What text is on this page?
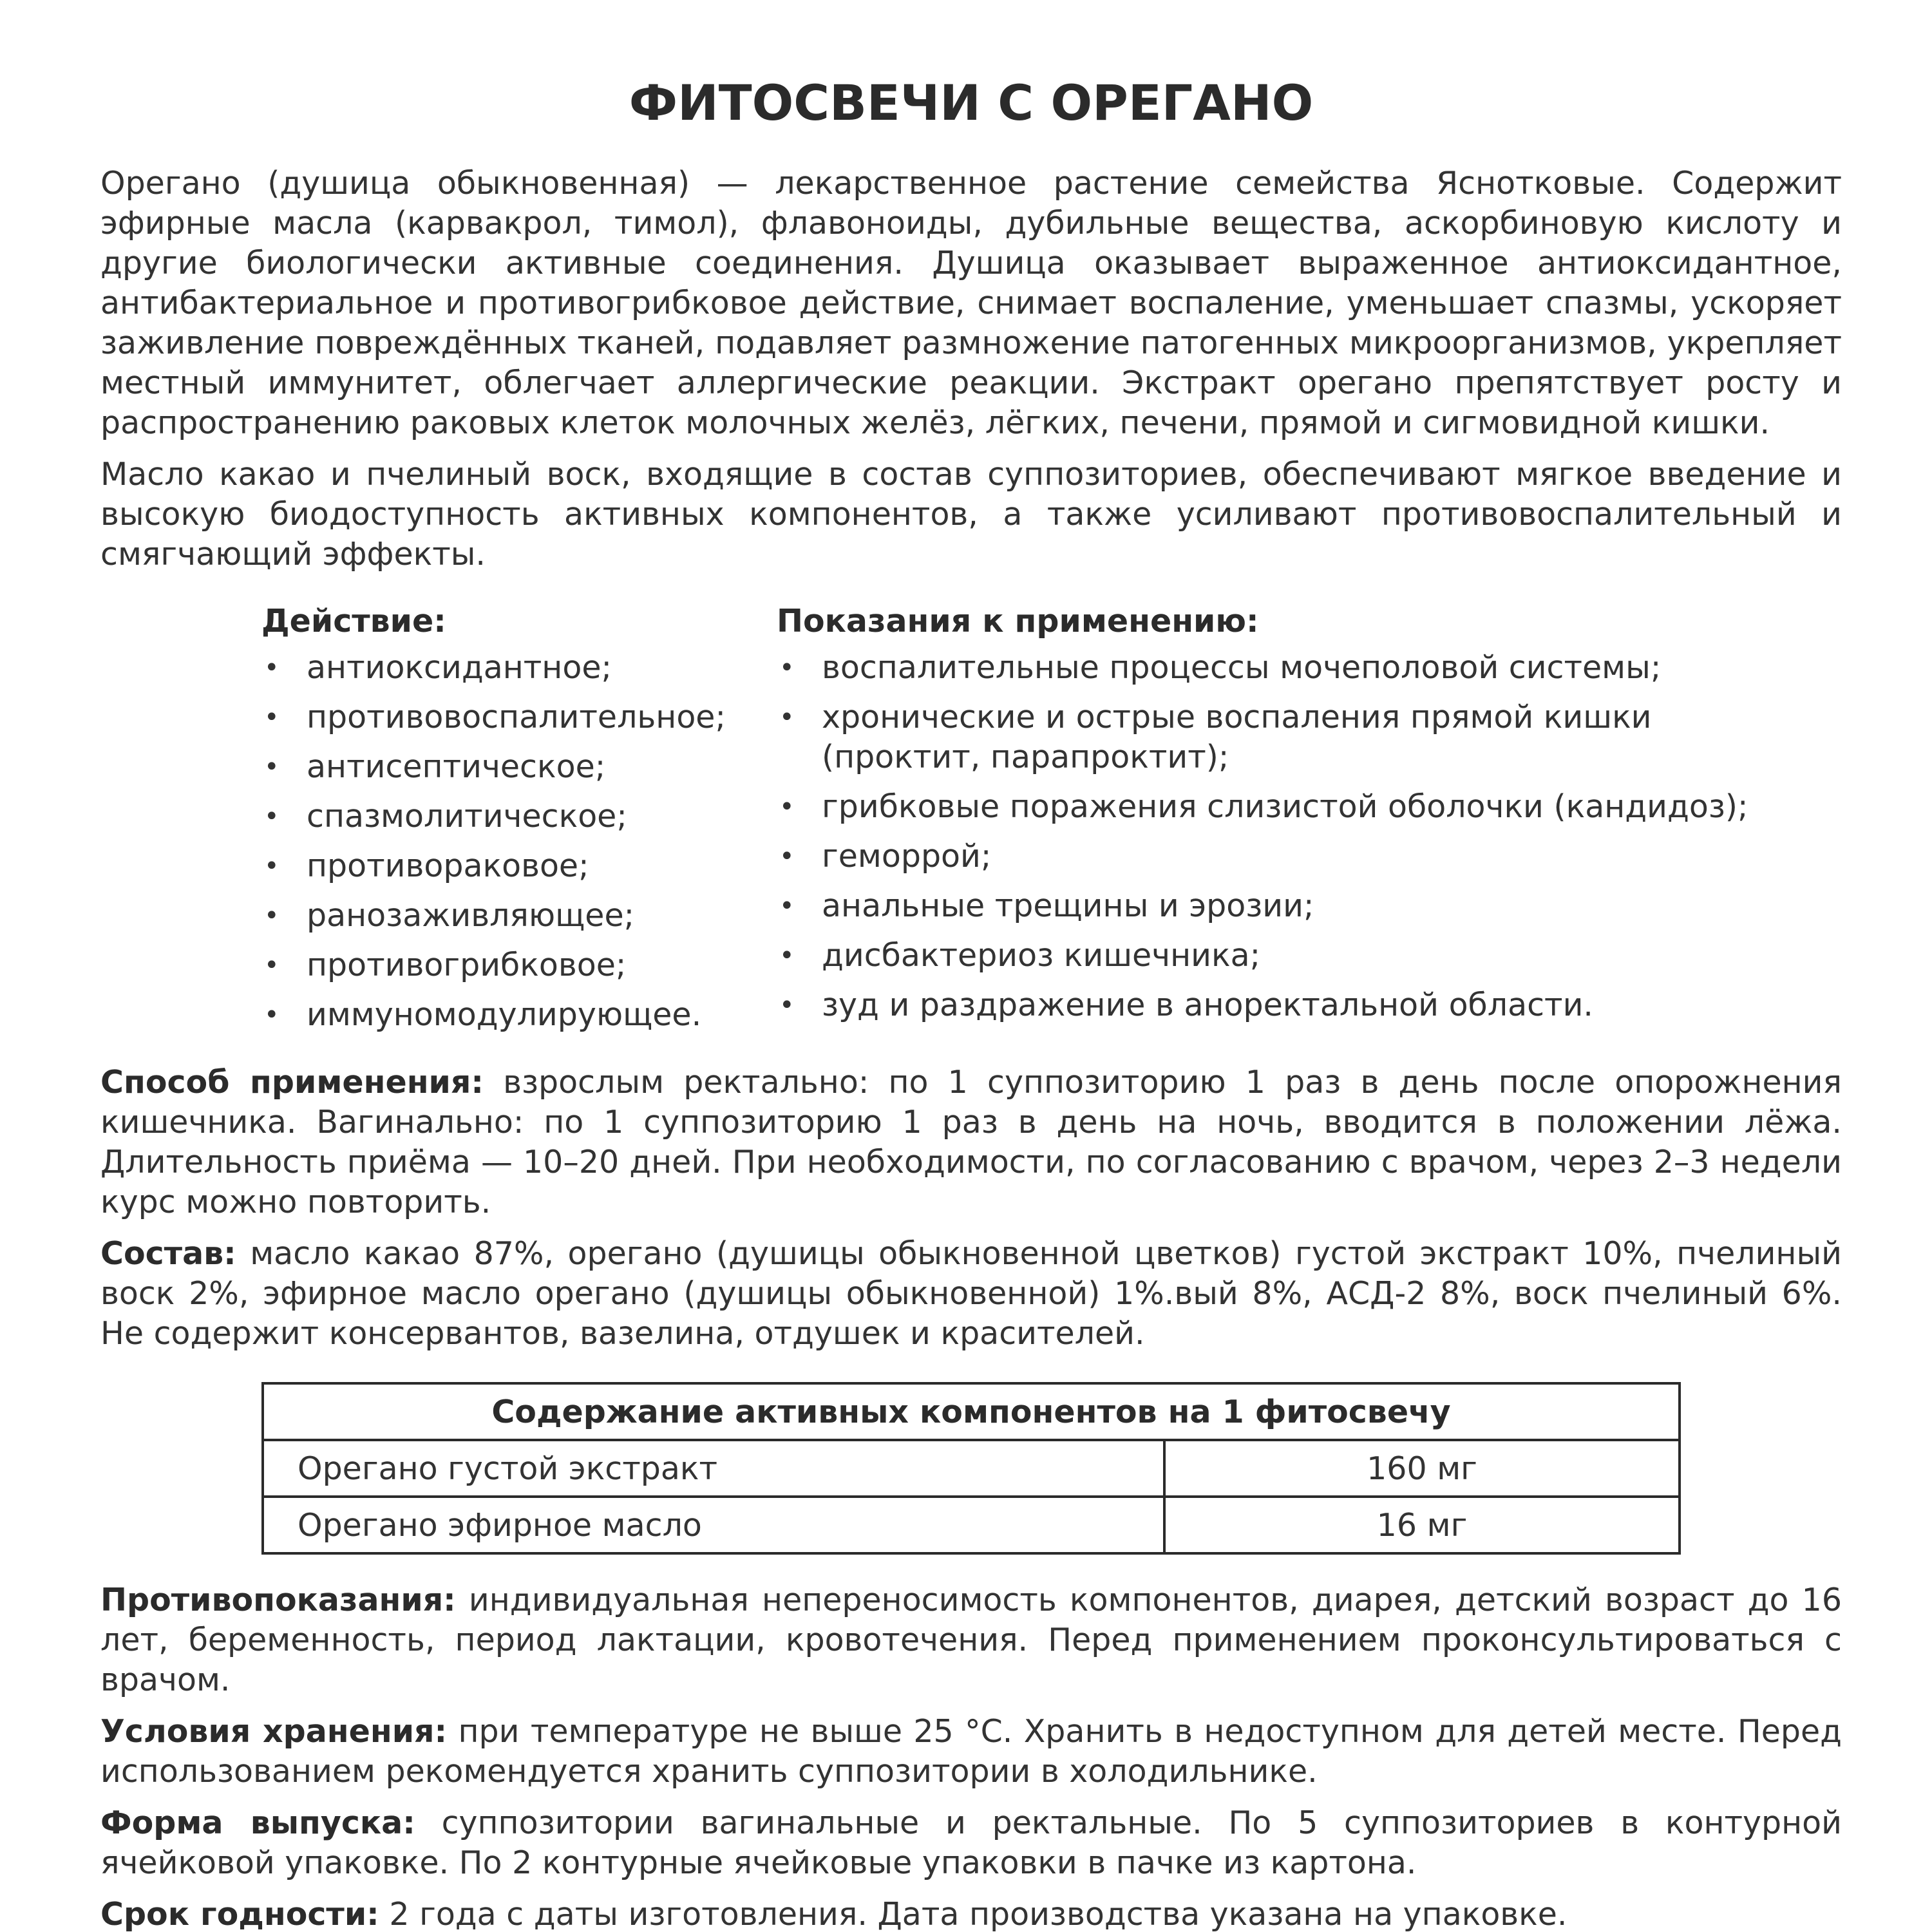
ФИТОСВЕЧИ С ОРЕГАНО

Орегано (душица обыкновенная) — лекарственное растение семейства Яснотковые. Содержит эфирные масла (карвакрол, тимол), флавоноиды, дубильные вещества, аскорбиновую кислоту и другие биологически активные соединения. Душица оказывает выраженное антиоксидантное, антибактериальное и противогрибковое действие, снимает воспаление, уменьшает спазмы, ускоряет заживление повреждённых тканей, подавляет размножение патогенных микроорганизмов, укрепляет местный иммунитет, облегчает аллергические реакции. Экстракт орегано препятствует росту и распространению раковых клеток молочных желёз, лёгких, печени, прямой и сигмовидной кишки.

Масло какао и пчелиный воск, входящие в состав суппозиториев, обеспечивают мягкое введение и высокую биодоступность активных компонентов, а также усиливают противовоспалительный и смягчающий эффекты.

Действие:
• антиоксидантное;
• противовоспалительное;
• антисептическое;
• спазмолитическое;
• противораковое;
• ранозаживляющее;
• противогрибковое;
• иммуномодулирующее.
Показания к применению:
• воспалительные процессы мочеполовой системы;
• хронические и острые воспаления прямой кишки (проктит, парапроктит);
• грибковые поражения слизистой оболочки (кандидоз);
• геморрой;
• анальные трещины и эрозии;
• дисбактериоз кишечника;
• зуд и раздражение в аноректальной области.

Способ применения: взрослым ректально: по 1 суппозиторию 1 раз в день после опорожнения кишечника. Вагинально: по 1 суппозиторию 1 раз в день на ночь, вводится в положении лёжа. Длительность приёма — 10–20 дней. При необходимости, по согласованию с врачом, через 2–3 недели курс можно повторить.

Состав: масло какао 87%, орегано (душицы обыкновенной цветков) густой экстракт 10%, пчелиный воск 2%, эфирное масло орегано (душицы обыкновенной) 1%.вый 8%, АСД-2 8%, воск пчелиный 6%. Не содержит консервантов, вазелина, отдушек и красителей.

Содержание активных компонентов на 1 фитосвечу	
Орегано густой экстракт	160 мг
Орегано эфирное масло	16 мг

Противопоказания: индивидуальная непереносимость компонентов, диарея, детский возраст до 16 лет, беременность, период лактации, кровотечения. Перед применением проконсультироваться с врачом.

Условия хранения: при температуре не выше 25 °С. Хранить в недоступном для детей месте. Перед использованием рекомендуется хранить суппозитории в холодильнике.

Форма выпуска: суппозитории вагинальные и ректальные. По 5 суппозиториев в контурной ячейковой упаковке. По 2 контурные ячейковые упаковки в пачке из картона.

Срок годности: 2 года с даты изготовления. Дата производства указана на упаковке.
